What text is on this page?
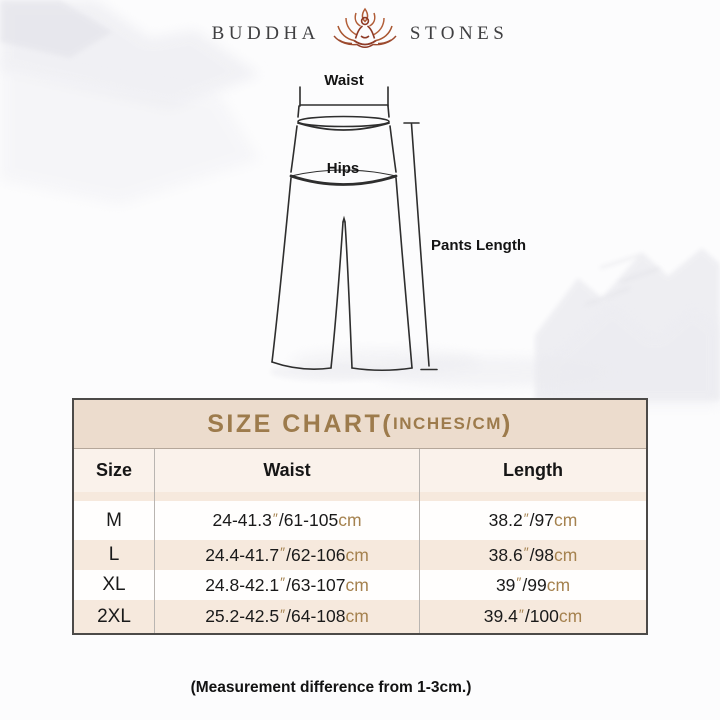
BUDDHA	STONES
Waist
Hips
Pants Length
SIZE CHART ( INCHES/CM )
Size	Waist	Length
M	24-41.3 ″ / 61-105 cm	38.2 ″ / 97 cm
L	24.4-41.7 ″ / 62-106 cm	38.6 ″ / 98 cm
XL	24.8-42.1 ″ / 63-107 cm	39 ″ / 99 cm
2XL	25.2-42.5 ″ / 64-108 cm	39.4 ″ / 100 cm
(Measurement difference from 1-3cm.)
